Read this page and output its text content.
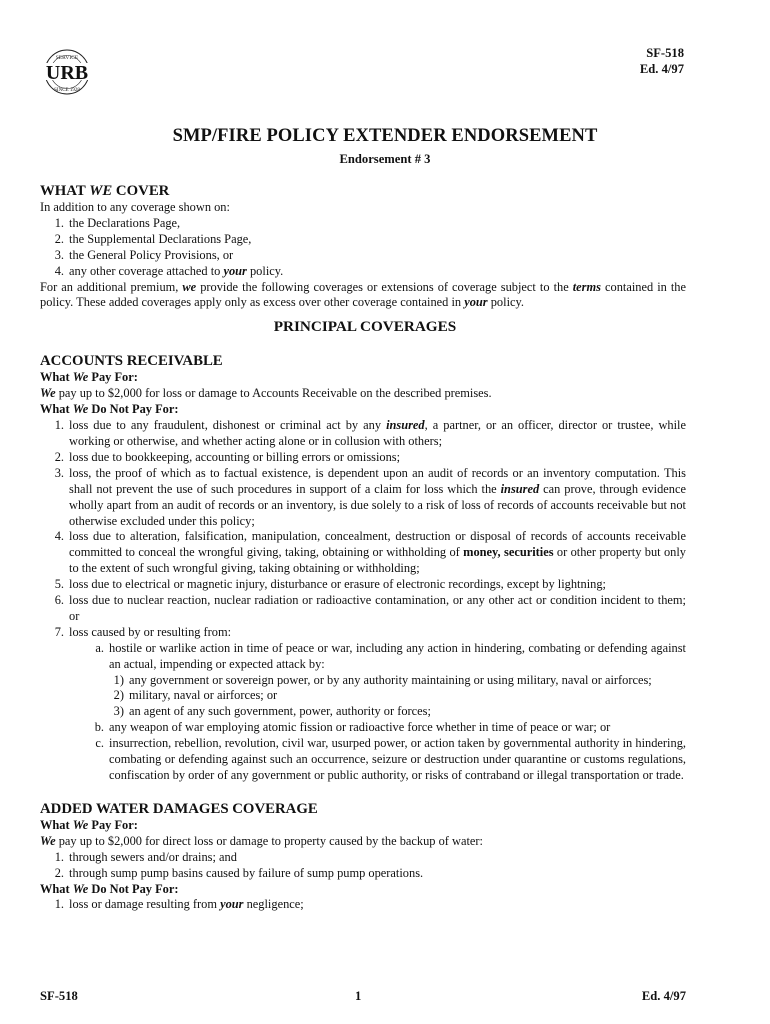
SERVICE
SINCE 1928
URB
SF-518
Ed. 4/97
SMP/FIRE POLICY EXTENDER ENDORSEMENT
Endorsement # 3
WHAT WE COVER
In addition to any coverage shown on:
1. the Declarations Page,
2. the Supplemental Declarations Page,
3. the General Policy Provisions, or
4. any other coverage attached to your policy.
For an additional premium, we provide the following coverages or extensions of coverage subject to the terms contained in the policy. These added coverages apply only as excess over other coverage contained in your policy.
PRINCIPAL COVERAGES
ACCOUNTS RECEIVABLE
What We Pay For:
We pay up to $2,000 for loss or damage to Accounts Receivable on the described premises.
What We Do Not Pay For:
1. loss due to any fraudulent, dishonest or criminal act by any insured, a partner, or an officer, director or trustee, while working or otherwise, and whether acting alone or in collusion with others;
2. loss due to bookkeeping, accounting or billing errors or omissions;
3. loss, the proof of which as to factual existence, is dependent upon an audit of records or an inventory computation. This shall not prevent the use of such procedures in support of a claim for loss which the insured can prove, through evidence wholly apart from an audit of records or an inventory, is due solely to a risk of loss of records of accounts receivable but not otherwise excluded under this policy;
4. loss due to alteration, falsification, manipulation, concealment, destruction or disposal of records of accounts receivable committed to conceal the wrongful giving, taking, obtaining or withholding of money, securities or other property but only to the extent of such wrongful giving, taking obtaining or withholding;
5. loss due to electrical or magnetic injury, disturbance or erasure of electronic recordings, except by lightning;
6. loss due to nuclear reaction, nuclear radiation or radioactive contamination, or any other act or condition incident to them; or
7. loss caused by or resulting from:
a. hostile or warlike action in time of peace or war, including any action in hindering, combating or defending against an actual, impending or expected attack by:
1) any government or sovereign power, or by any authority maintaining or using military, naval or airforces;
2) military, naval or airforces; or
3) an agent of any such government, power, authority or forces;
b. any weapon of war employing atomic fission or radioactive force whether in time of peace or war; or
c. insurrection, rebellion, revolution, civil war, usurped power, or action taken by governmental authority in hindering, combating or defending against such an occurrence, seizure or destruction under quarantine or customs regulations, confiscation by order of any government or public authority, or risks of contraband or illegal transportation or trade.
ADDED WATER DAMAGES COVERAGE
What We Pay For:
We pay up to $2,000 for direct loss or damage to property caused by the backup of water:
1. through sewers and/or drains; and
2. through sump pump basins caused by failure of sump pump operations.
What We Do Not Pay For:
1. loss or damage resulting from your negligence;
SF-518	1	Ed. 4/97
